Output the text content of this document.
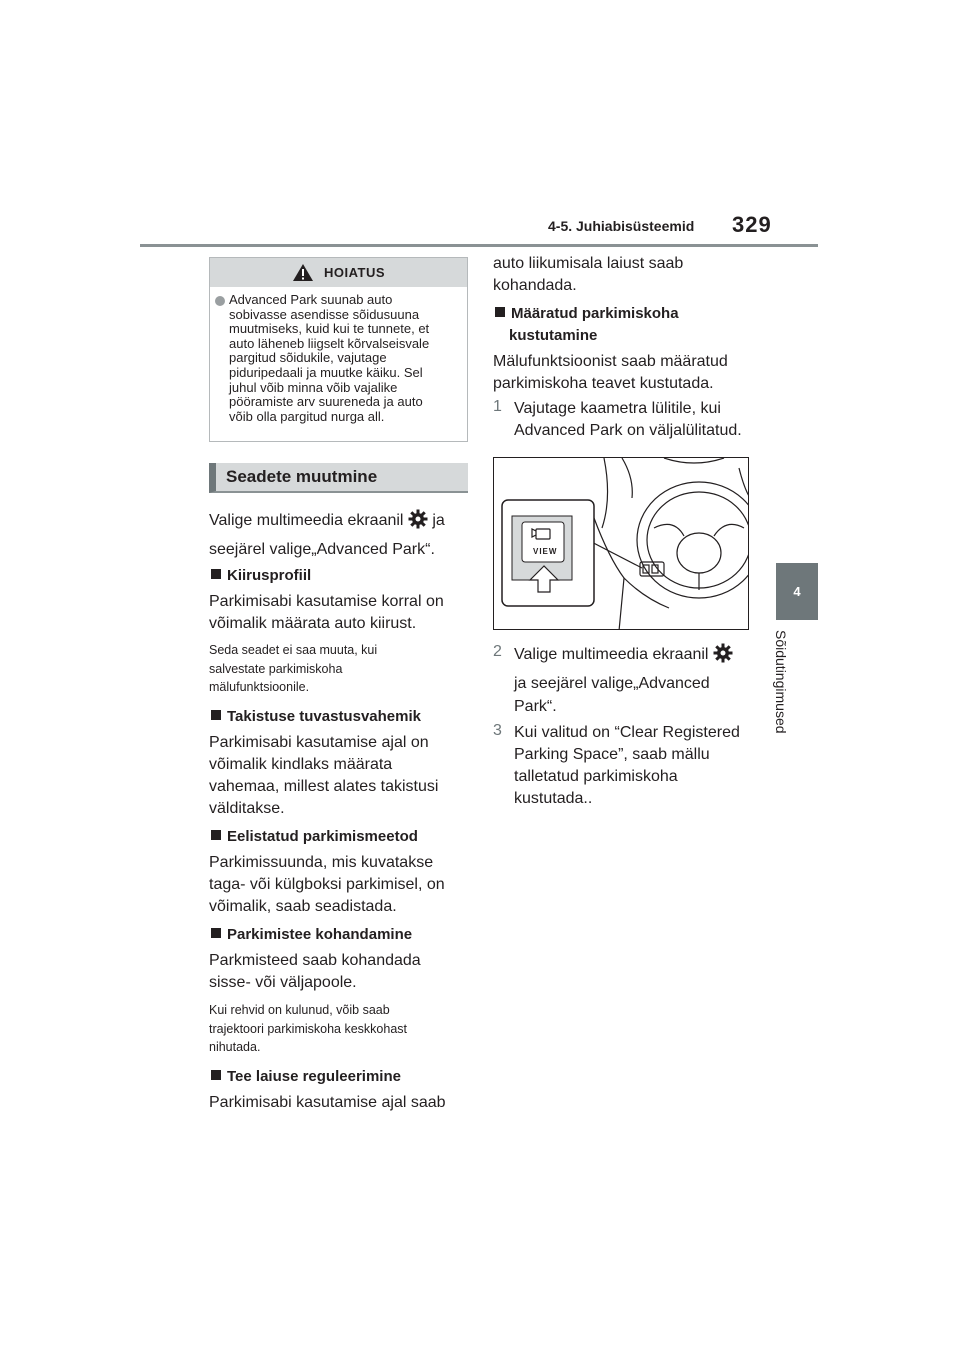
4-5. Juhiabisüsteemid 329
4
Sõidutingimused
HOIATUS
Advanced Park suunab auto
sobivasse asendisse sõidusuuna
muutmiseks, kuid kui te tunnete, et
auto läheneb liigselt kõrvalseisvale
pargitud sõidukile, vajutage
piduripedaali ja muutke käiku. Sel
juhul võib minna võib vajalike
pööramiste arv suureneda ja auto
võib olla pargitud nurga all.
Seadete muutmine
Valige multimeedia ekraanil ja
seejärel valige„Advanced Park“.
Kiirusprofiil
Parkimisabi kasutamise korral on
võimalik määrata auto kiirust.
Seda seadet ei saa muuta, kui
salvestate parkimiskoha
mälufunktsioonile.
Takistuse tuvastusvahemik
Parkimisabi kasutamise ajal on
võimalik kindlaks määrata
vahemaa, millest alates takistusi
välditakse.
Eelistatud parkimismeetod
Parkimissuunda, mis kuvatakse
taga- või külgboksi parkimisel, on
võimalik, saab seadistada.
Parkimistee kohandamine
Parkmisteed saab kohandada
sisse- või väljapoole.
Kui rehvid on kulunud, võib saab
trajektoori parkimiskoha keskkohast
nihutada.
Tee laiuse reguleerimine
Parkimisabi kasutamise ajal saab
auto liikumisala laiust saab
kohandada.
Määratud parkimiskoha
kustutamine
Mälufunktsioonist saab määratud
parkimiskoha teavet kustutada.
1 Vajutage kaametra lülitile, kui
Advanced Park on väljalülitatud.
VIEW
2 Valige multimeedia ekraanil
ja seejärel valige„Advanced
Park“.
3 Kui valitud on “Clear Registered
Parking Space”, saab mällu
talletatud parkimiskoha
kustutada..
